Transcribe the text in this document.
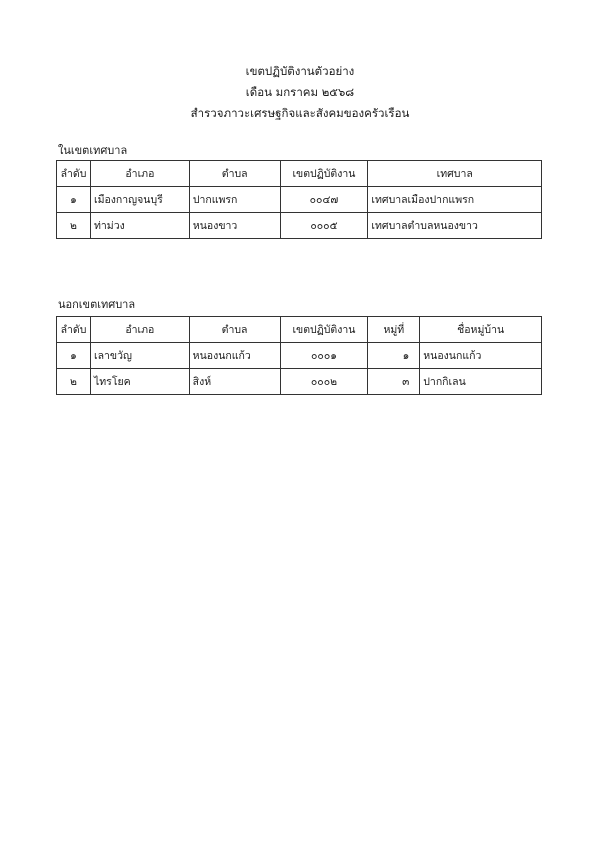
เขตปฏิบัติงานตัวอย่าง
เดือน มกราคม ๒๕๖๘
สำรวจภาวะเศรษฐกิจและสังคมของครัวเรือน
ในเขตเทศบาล
ลำดับ	อำเภอ	ตำบล	เขตปฏิบัติงาน	เทศบาล
๑	เมืองกาญจนบุรี	ปากแพรก	๐๐๔๗	เทศบาลเมืองปากแพรก
๒	ท่าม่วง	หนองขาว	๐๐๐๕	เทศบาลตำบลหนองขาว
นอกเขตเทศบาล
ลำดับ	อำเภอ	ตำบล	เขตปฏิบัติงาน	หมู่ที่	ชื่อหมู่บ้าน
๑	เลาขวัญ	หนองนกแก้ว	๐๐๐๑	๑	หนองนกแก้ว
๒	ไทรโยค	สิงห์	๐๐๐๒	๓	ปากกิเลน
